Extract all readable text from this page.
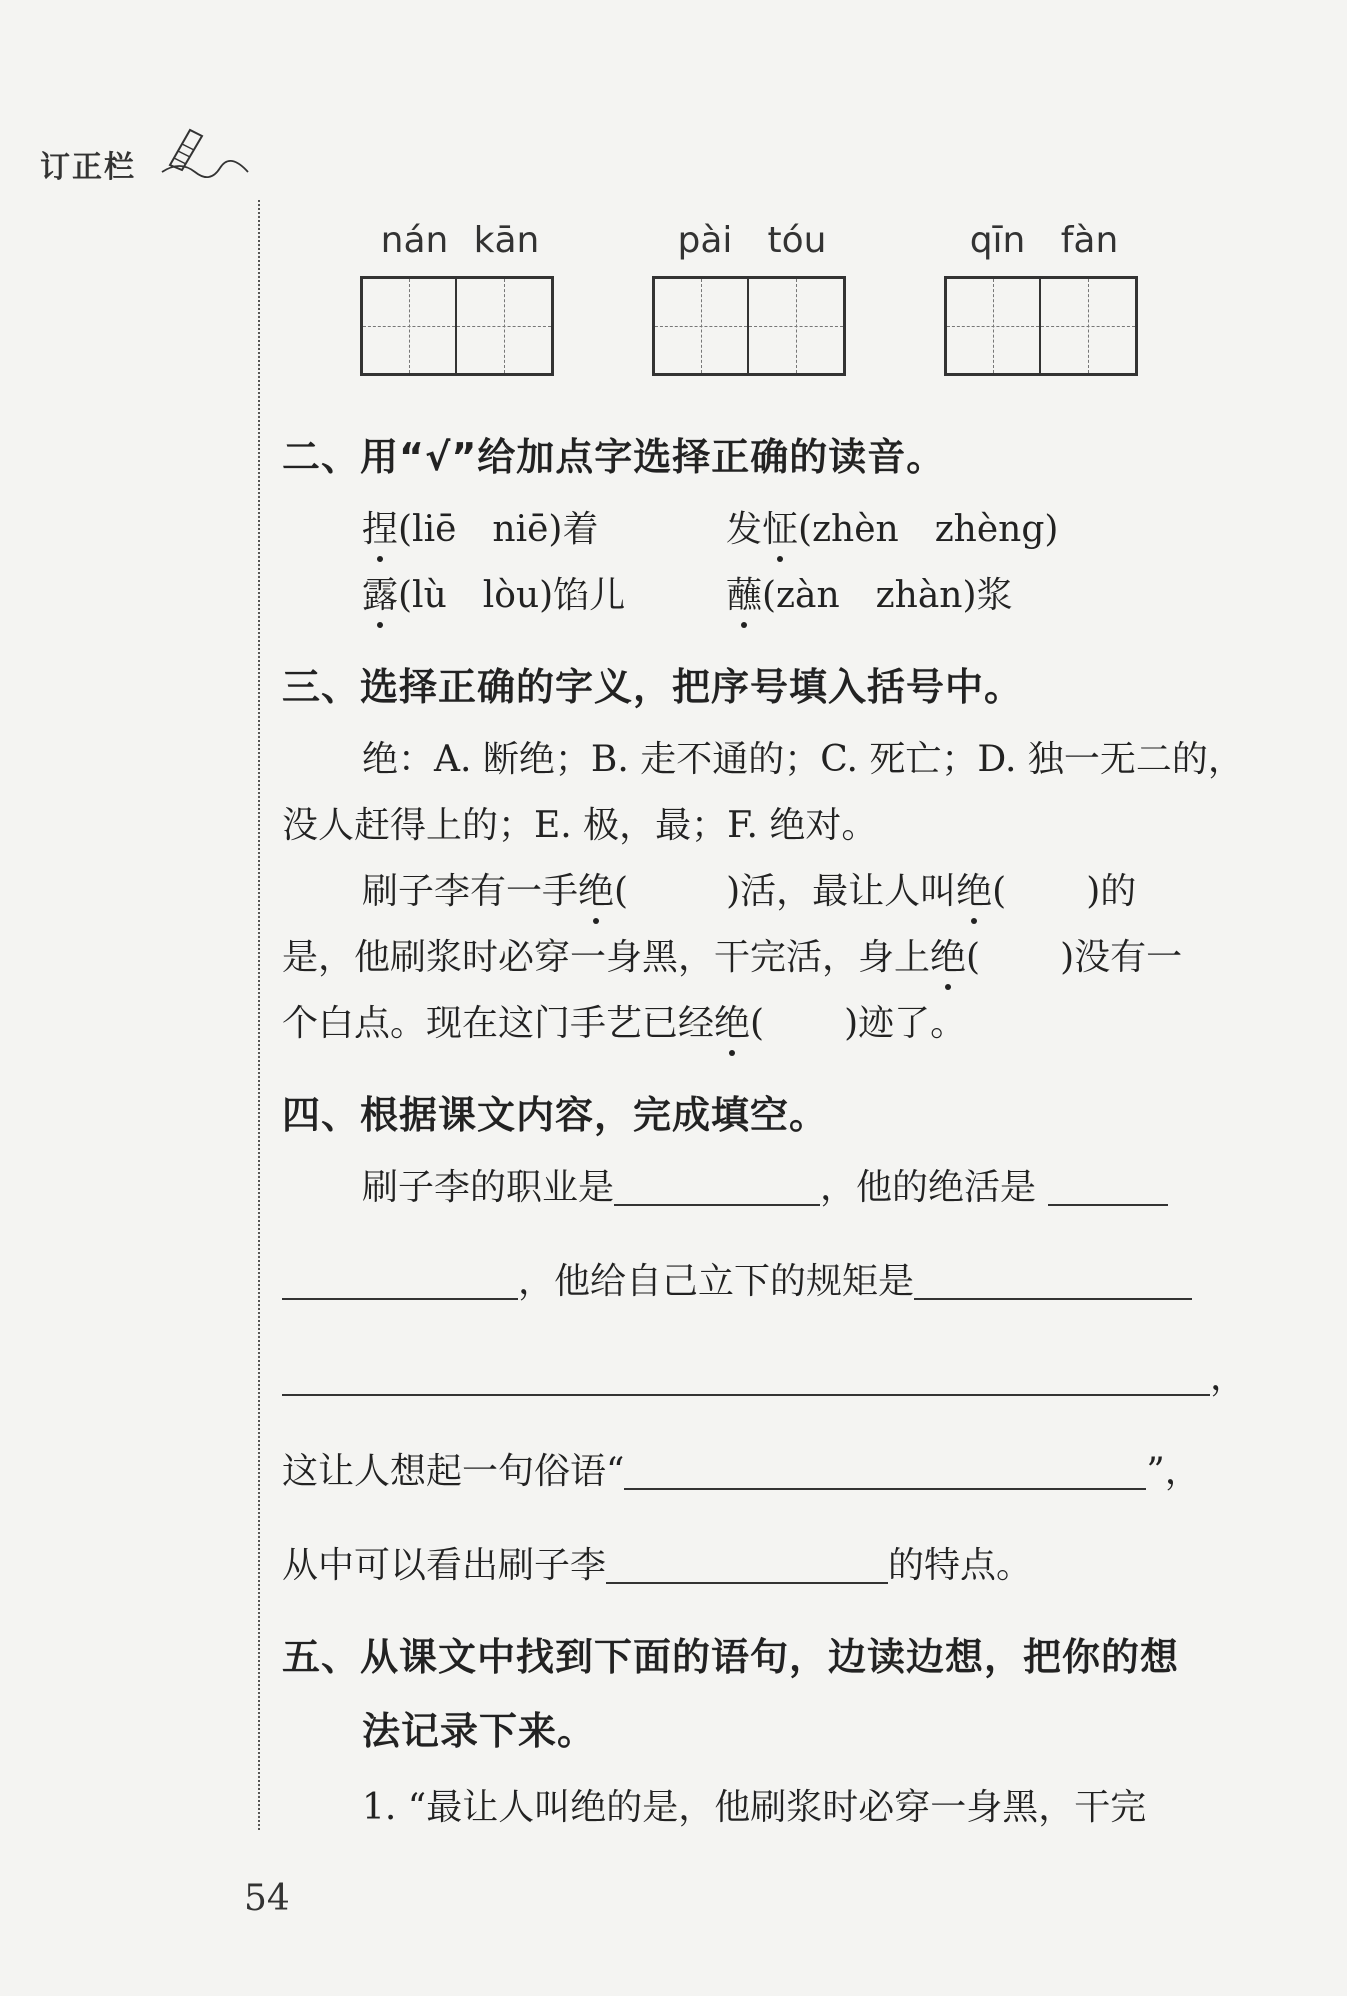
订正栏
nán kān	pài tóu	qīn fàn
二、用“√”给加点字选择正确的读音。
捏(liē　niē)着	发怔(zhèn　zhèng)
露(lù　lòu)馅儿	蘸(zàn　zhàn)浆
三、选择正确的字义，把序号填入括号中。
绝：A. 断绝；B. 走不通的；C. 死亡；D. 独一无二的，
没人赶得上的；E. 极，最；F. 绝对。
刷子李有一手绝(	)活，最让人叫绝( )的
是，他刷浆时必穿一身黑，干完活，身上绝( )没有一
个白点。现在这门手艺已经绝( )迹了。
四、根据课文内容，完成填空。
刷子李的职业是	，他的绝活是
，他给自己立下的规矩是
，
这让人想起一句俗语“	”，
从中可以看出刷子李	的特点。
五、从课文中找到下面的语句，边读边想，把你的想
法记录下来。
1. “最让人叫绝的是，他刷浆时必穿一身黑，干完
54
